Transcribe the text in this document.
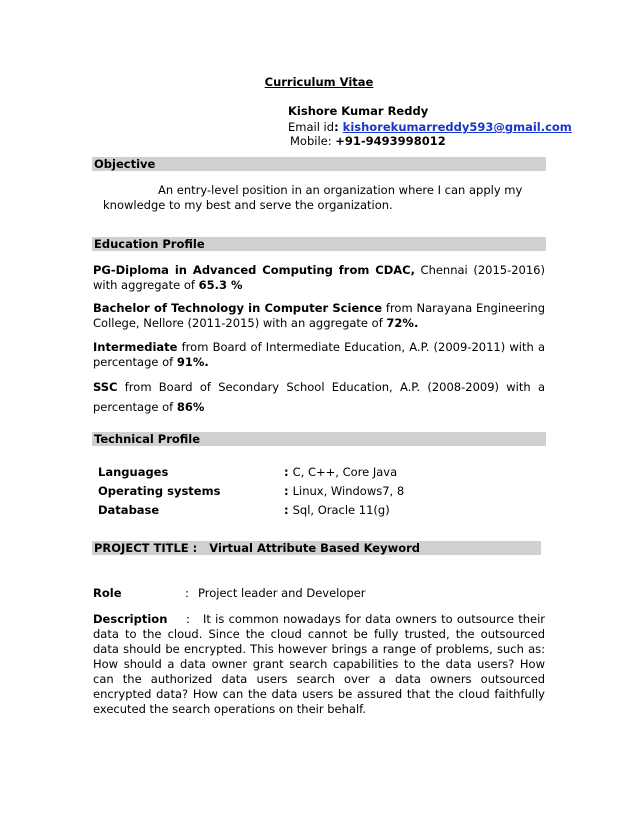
Curriculum Vitae
Kishore Kumar Reddy
Email id: kishorekumarreddy593@gmail.com
Mobile: +91-9493998012
Objective
An entry-level position in an organization where I can apply my knowledge to my best and serve the organization.
Education Profile
PG-Diploma in Advanced Computing from CDAC, Chennai (2015-2016) with aggregate of 65.3 %
Bachelor of Technology in Computer Science from Narayana Engineering College, Nellore (2011-2015) with an aggregate of 72%.
Intermediate from Board of Intermediate Education, A.P. (2009-2011) with a percentage of 91%.
SSC from Board of Secondary School Education, A.P. (2008-2009) with a percentage of 86%
Technical Profile
Languages	: C, C++, Core Java
Operating systems	: Linux, Windows7, 8
Database	: Sql, Oracle 11(g)
PROJECT TITLE :   Virtual Attribute Based Keyword
Role	: Project leader and Developer
Description :	It is common nowadays for data owners to outsource their data to the cloud. Since the cloud cannot be fully trusted, the outsourced data should be encrypted. This however brings a range of problems, such as: How should a data owner grant search capabilities to the data users? How can the authorized data users search over a data owners outsourced encrypted data? How can the data users be assured that the cloud faithfully executed the search operations on their behalf.
